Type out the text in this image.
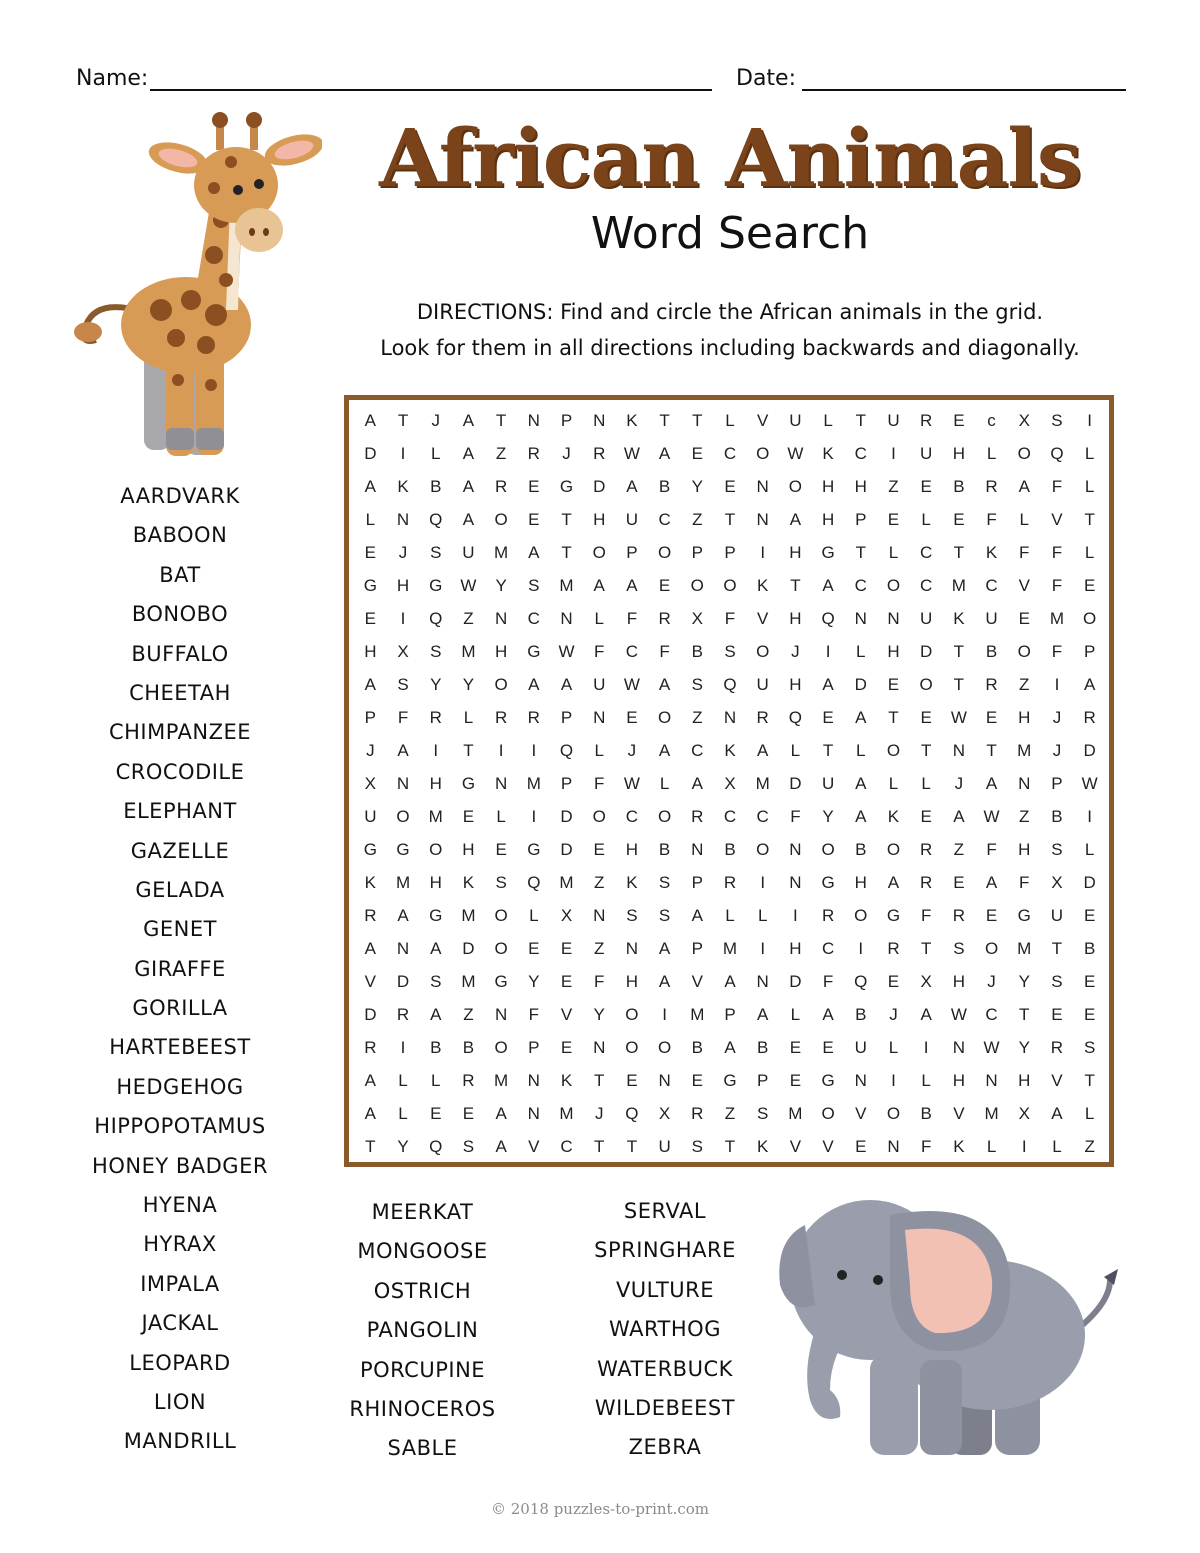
Name:	Date:
African Animals
Word Search
DIRECTIONS: Find and circle the African animals in the grid.
Look for them in all directions including backwards and diagonally.
AARDVARK
BABOON
BAT
BONOBO
BUFFALO
CHEETAH
CHIMPANZEE
CROCODILE
ELEPHANT
GAZELLE
GELADA
GENET
GIRAFFE
GORILLA
HARTEBEEST
HEDGEHOG
HIPPOPOTAMUS
HONEY BADGER
HYENA
HYRAX
IMPALA
JACKAL
LEOPARD
LION
MANDRILL
A	T	J	A	T	N	P	N	K	T	T	L	V	U	L	T	U	R	E	c	X	S	I
D	I	L	A	Z	R	J	R	W	A	E	C	O	W	K	C	I	U	H	L	O	Q	L
A	K	B	A	R	E	G	D	A	B	Y	E	N	O	H	H	Z	E	B	R	A	F	L
L	N	Q	A	O	E	T	H	U	C	Z	T	N	A	H	P	E	L	E	F	L	V	T
E	J	S	U	M	A	T	O	P	O	P	P	I	H	G	T	L	C	T	K	F	F	L
G	H	G	W	Y	S	M	A	A	E	O	O	K	T	A	C	O	C	M	C	V	F	E
E	I	Q	Z	N	C	N	L	F	R	X	F	V	H	Q	N	N	U	K	U	E	M	O
H	X	S	M	H	G	W	F	C	F	B	S	O	J	I	L	H	D	T	B	O	F	P
A	S	Y	Y	O	A	A	U	W	A	S	Q	U	H	A	D	E	O	T	R	Z	I	A
P	F	R	L	R	R	P	N	E	O	Z	N	R	Q	E	A	T	E	W	E	H	J	R
J	A	I	T	I	I	Q	L	J	A	C	K	A	L	T	L	O	T	N	T	M	J	D
X	N	H	G	N	M	P	F	W	L	A	X	M	D	U	A	L	L	J	A	N	P	W
U	O	M	E	L	I	D	O	C	O	R	C	C	F	Y	A	K	E	A	W	Z	B	I
G	G	O	H	E	G	D	E	H	B	N	B	O	N	O	B	O	R	Z	F	H	S	L
K	M	H	K	S	Q	M	Z	K	S	P	R	I	N	G	H	A	R	E	A	F	X	D
R	A	G	M	O	L	X	N	S	S	A	L	L	I	R	O	G	F	R	E	G	U	E
A	N	A	D	O	E	E	Z	N	A	P	M	I	H	C	I	R	T	S	O	M	T	B
V	D	S	M	G	Y	E	F	H	A	V	A	N	D	F	Q	E	X	H	J	Y	S	E
D	R	A	Z	N	F	V	Y	O	I	M	P	A	L	A	B	J	A	W	C	T	E	E
R	I	B	B	O	P	E	N	O	O	B	A	B	E	E	U	L	I	N	W	Y	R	S
A	L	L	R	M	N	K	T	E	N	E	G	P	E	G	N	I	L	H	N	H	V	T
A	L	E	E	A	N	M	J	Q	X	R	Z	S	M	O	V	O	B	V	M	X	A	L
T	Y	Q	S	A	V	C	T	T	U	S	T	K	V	V	E	N	F	K	L	I	L	Z
MEERKAT
MONGOOSE
OSTRICH
PANGOLIN
PORCUPINE
RHINOCEROS
SABLE
SERVAL
SPRINGHARE
VULTURE
WARTHOG
WATERBUCK
WILDEBEEST
ZEBRA
© 2018 puzzles-to-print.com
